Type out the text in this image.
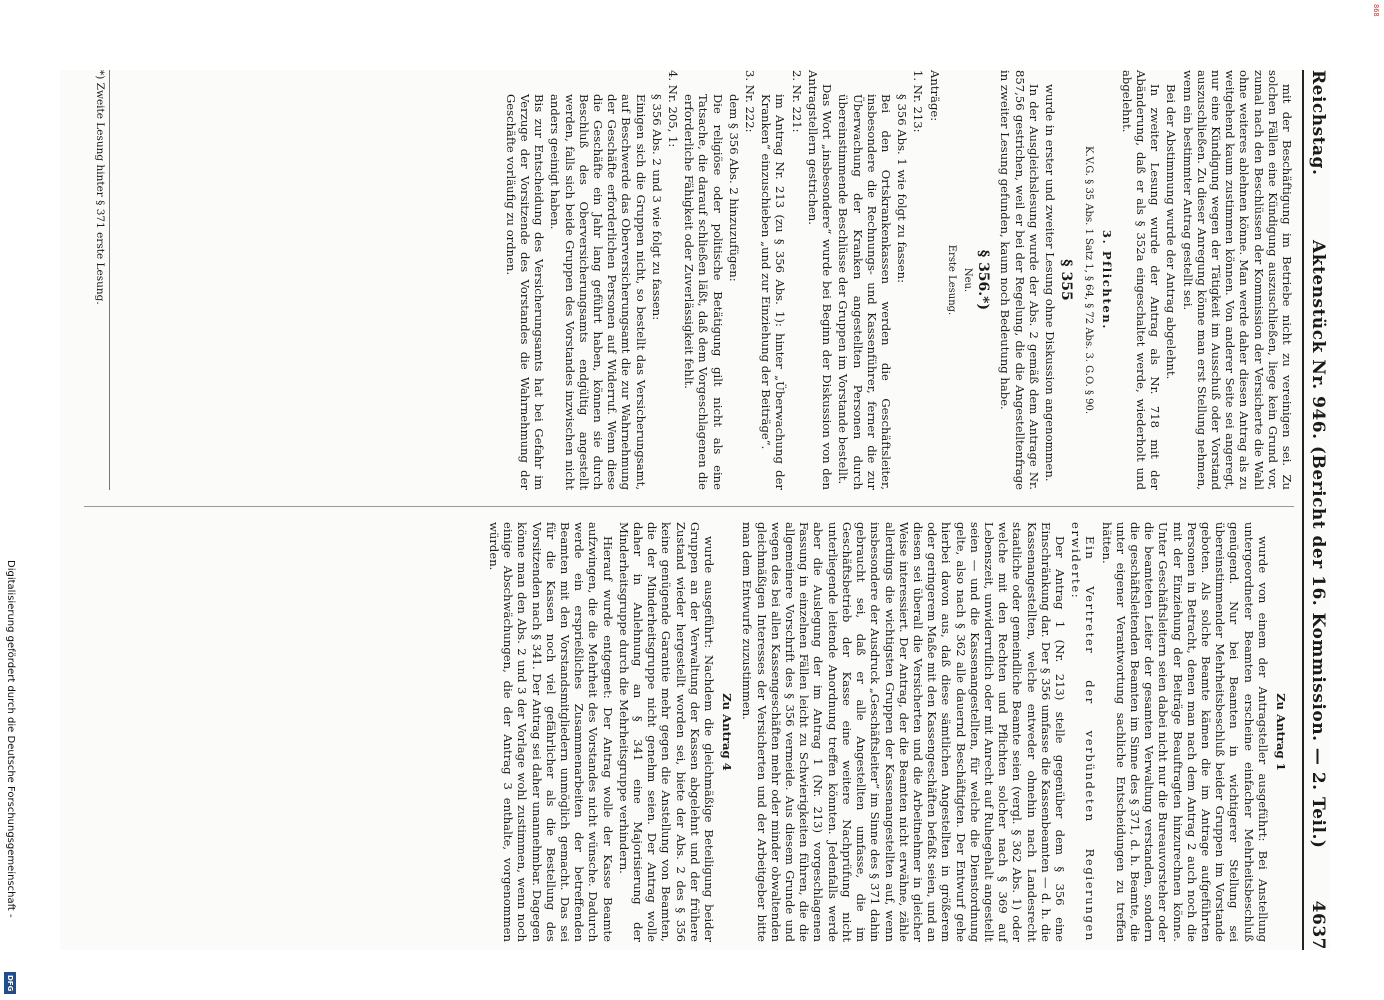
868
Digitalisierung gefördert durch die Deutsche Forschungsgemeinschaft -
DFG
Reichstag.
Aktenstück Nr. 946. (Bericht der 16. Kommission. — 2. Teil.)
4637

mit der Beschäftigung im Betriebe nicht zu vereinigen sei. Zu solchen Fällen eine Kündigung auszuschließen, liege kein Grund vor, zumal nach den Beschlüssen der Kommission der Versicherte die Wahl ohne weiteres ablehnen könne. Man werde daher diesen Antrag als zu weitgehend kaum zustimmen können. Von anderer Seite sei angeregt, nur eine Kündigung wegen der Tätigkeit im Ausschuß oder Vorstand auszuschließen. Zu dieser Anregung könne man erst Stellung nehmen, wenn ein bestimmter Antrag gestellt sei.

Bei der Abstimmung wurde der Antrag abgelehnt.

In zweiter Lesung wurde der Antrag als Nr. 718 mit der Abänderung, daß er als § 352a eingeschaltet werde, wiederholt und abgelehnt.

3. Pflichten.

K.V.G. § 35 Abs. 1 Satz 1, § 64, § 72 Abs. 3. G.O. § 90.

§ 355

wurde in erster und zweiter Lesung ohne Diskussion angenommen.

In der Ausgleichslesung wurde der Abs. 2 gemäß dem Antrage Nr. 857,56 gestrichen, weil er bei der Regelung, die die Angestelltenfrage in zweiter Lesung gefunden, kaum noch Bedeutung habe.

§ 356.*)

Neu.

Erste Lesung.

Anträge:

1. Nr. 213:

§ 356 Abs. 1 wie folgt zu fassen:

Bei den Ortskrankenkassen werden die Geschäftsleiter, insbesondere die Rechnungs- und Kassenführer, ferner die zur Überwachung der Kranken angestellten Personen durch übereinstimmende Beschlüsse der Gruppen im Vorstande bestellt.

Das Wort „insbesondere“ wurde bei Beginn der Diskussion von den Antragstellern gestrichen.

2. Nr. 221:

im Antrag Nr. 213 (zu § 356 Abs. 1): hinter „Überwachung der Kranken“ einzuschieben „und zur Einziehung der Beiträge“.

3. Nr. 222:

dem § 356 Abs. 2 hinzuzufügen:

Die religiöse oder politische Betätigung gilt nicht als eine Tatsache, die darauf schließen läßt, daß dem Vorgeschlagenen die erforderliche Fähigkeit oder Zuverlässigkeit fehlt.

4. Nr. 205, 1:

§ 356 Abs. 2 und 3 wie folgt zu fassen:

Einigen sich die Gruppen nicht, so bestellt das Versicherungsamt, auf Beschwerde das Oberversicherungsamt die zur Wahrnehmung der Geschäfte erforderlichen Personen auf Widerruf. Wenn diese die Geschäfte ein Jahr lang geführt haben, können sie durch Beschluß des Oberversicherungsamts endgültig angestellt werden, falls sich beide Gruppen des Vorstandes inzwischen nicht anders geeinigt haben.

Bis zur Entscheidung des Versicherungsamts hat bei Gefahr im Verzuge der Vorsitzende des Vorstandes die Wahrnehmung der Geschäfte vorläufig zu ordnen.

*) Zweite Lesung hinter § 371 erste Lesung.

Zu Antrag 1

wurde von einem der Antragsteller ausgeführt: Bei Anstellung untergeordneter Beamten erscheine einfacher Mehrheitsbeschluß genügend. Nur bei Beamten in wichtigerer Stellung sei übereinstimmender Mehrheitsbeschluß beider Gruppen im Vorstande geboten. Als solche Beamte kämen die im Antrage aufgeführten Personen in Betracht, denen man nach dem Antrag 2 auch noch die mit der Einziehung der Beiträge Beauftragten hinzurechnen könne. Unter Geschäftsleitern seien dabei nicht nur die Bureauvorsteher oder die beamteten Leiter der gesamten Verwaltung verstanden, sondern die geschäftsleitenden Beamten im Sinne des § 371, d. h. Beamte, die unter eigener Verantwortung sachliche Entscheidungen zu treffen hätten.

Ein Vertreter der verbündeten Regierungen erwiderte:

Der Antrag 1 (Nr. 213) stelle gegenüber dem § 356 eine Einschränkung dar. Der § 356 umfasse die Kassenbeamten — d. h. die Kassenangestellten, welche entweder ohnehin nach Landesrecht staatliche oder gemeindliche Beamte seien (vergl. § 362 Abs. 1) oder welche mit den Rechten und Pflichten solcher nach § 369 auf Lebenszeit, unwiderruflich oder mit Anrecht auf Ruhegehalt angestellt seien — und die Kassenangestellten, für welche die Dienstordnung gelte, also nach § 362 alle dauernd Beschäftigten. Der Entwurf gehe hierbei davon aus, daß diese sämtlichen Angestellten in größerem oder geringerem Maße mit den Kassengeschäften befaßt seien, und an diesen sei überall die Versicherten und die Arbeitnehmer in gleicher Weise interessiert. Der Antrag, der die Beamten nicht erwähne, zähle allerdings die wichtigsten Gruppen der Kassenangestellten auf, wenn insbesondere der Ausdruck „Geschäftsleiter“ im Sinne des § 371 dahin gebraucht sei, daß er alle Angestellten umfasse, die im Geschäftsbetrieb der Kasse eine weitere Nachprüfung nicht unterliegende leitende Anordnung treffen könnten. Jedenfalls werde aber die Auslegung der im Antrag 1 (Nr. 213) vorgeschlagenen Fassung in einzelnen Fällen leicht zu Schwierigkeiten führen, die die allgemeinere Vorschrift des § 356 vermeide. Aus diesem Grunde und wegen des bei allen Kassengeschäften mehr oder minder obwaltenden gleichmäßigen Interesses der Versicherten und der Arbeitgeber bitte man dem Entwurfe zuzustimmen.

Zu Antrag 4

wurde ausgeführt: Nachdem die gleichmäßige Beteiligung beider Gruppen an der Verwaltung der Kassen abgelehnt und der frühere Zustand wieder hergestellt worden sei, biete der Abs. 2 des § 356 keine genügende Garantie mehr gegen die Anstellung von Beamten, die der Minderheitsgruppe nicht genehm seien. Der Antrag wolle daher in Anlehnung an § 341 eine Majorisierung der Minderheitsgruppe durch die Mehrheitsgruppe verhindern.

Hierauf wurde entgegnet: Der Antrag wolle der Kasse Beamte aufzwingen, die die Mehrheit des Vorstandes nicht wünsche. Dadurch werde ein ersprießliches Zusammenarbeiten der betreffenden Beamten mit den Vorstandsmitgliedern unmöglich gemacht. Das sei für die Kassen noch viel gefährlicher als die Bestellung des Vorsitzenden nach § 341. Der Antrag sei daher unannehmbar. Dagegen könne man den Abs. 2 und 3 der Vorlage wohl zustimmen, wenn noch einige Abschwächungen, die der Antrag 3 enthalte, vorgenommen würden.
